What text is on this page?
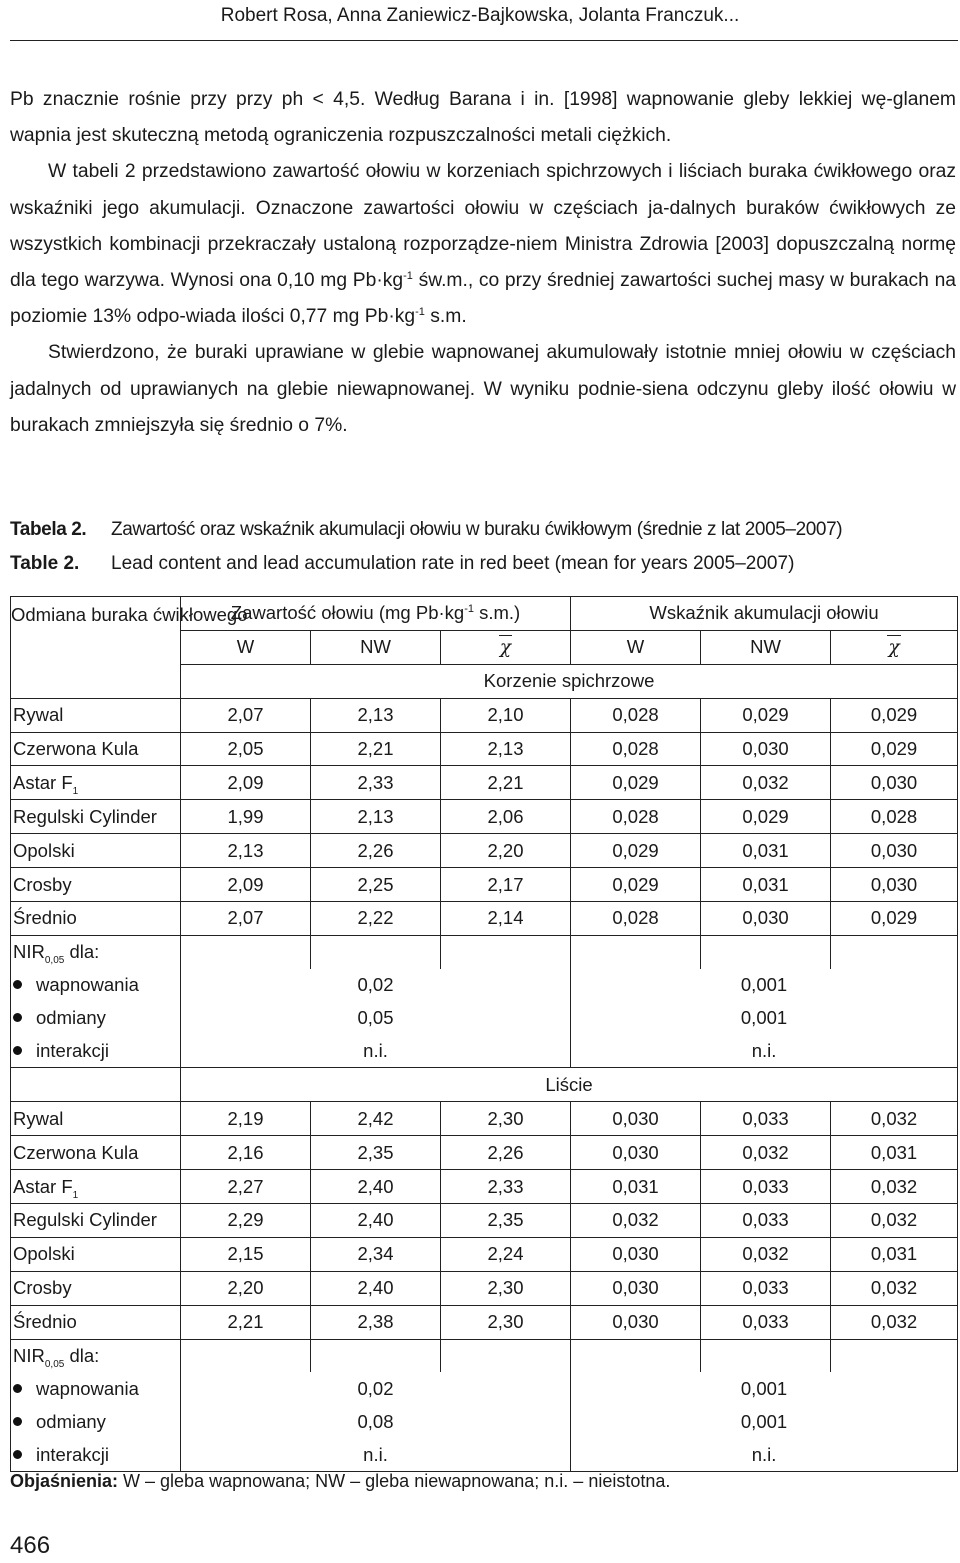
Robert Rosa, Anna Zaniewicz-Bajkowska, Jolanta Franczuk...

Pb znacznie rośnie przy przy ph < 4,5. Według Barana i in. [1998] wapnowanie gleby lekkiej wę-glanem wapnia jest skuteczną metodą ograniczenia rozpuszczalności metali ciężkich.

W tabeli 2 przedstawiono zawartość ołowiu w korzeniach spichrzowych i liściach buraka ćwikłowego oraz wskaźniki jego akumulacji. Oznaczone zawartości ołowiu w częściach ja-dalnych buraków ćwikłowych ze wszystkich kombinacji przekraczały ustaloną rozporządze-niem Ministra Zdrowia [2003] dopuszczalną normę dla tego warzywa. Wynosi ona 0,10 mg $Pb\cdot kg^{-1}$ św.m., co przy średniej zawartości suchej masy w burakach na poziomie 13% odpo-wiada ilości 0,77 mg $Pb\cdot kg^{-1}$ s.m.

Stwierdzono, że buraki uprawiane w glebie wapnowanej akumulowały istotnie mniej ołowiu w częściach jadalnych od uprawianych na glebie niewapnowanej. W wyniku podnie-siena odczynu gleby ilość ołowiu w burakach zmniejszyła się średnio o 7%.

Tabela 2. Zawartość oraz wskaźnik akumulacji ołowiu w buraku ćwikłowym (średnie z lat 2005–2007)
Table 2. Lead content and lead accumulation rate in red beet (mean for years 2005–2007)
Odmiana buraka ćwikłowego	Zawartość ołowiu (mg $Pb\cdot kg^{-1}$ s.m.)			Wskaźnik akumulacji ołowiu		
	W	NW	χ	W	NW	χ
	Korzenie spichrzowe					
Rywal	2,07	2,13	2,10	0,028	0,029	0,029
Czerwona Kula	2,05	2,21	2,13	0,028	0,030	0,029
Astar $F_1$	2,09	2,33	2,21	0,029	0,032	0,030
Regulski Cylinder	1,99	2,13	2,06	0,028	0,029	0,028
Opolski	2,13	2,26	2,20	0,029	0,031	0,030
Crosby	2,09	2,25	2,17	0,029	0,031	0,030
Średnio	2,07	2,22	2,14	0,028	0,030	0,029
$NIR_{0,05}$ dla:						
wapnowania	0,02			0,001		
odmiany	0,05			0,001		
interakcji	n.i.			n.i.		
	Liście					
Rywal	2,19	2,42	2,30	0,030	0,033	0,032
Czerwona Kula	2,16	2,35	2,26	0,030	0,032	0,031
Astar $F_1$	2,27	2,40	2,33	0,031	0,033	0,032
Regulski Cylinder	2,29	2,40	2,35	0,032	0,033	0,032
Opolski	2,15	2,34	2,24	0,030	0,032	0,031
Crosby	2,20	2,40	2,30	0,030	0,033	0,032
Średnio	2,21	2,38	2,30	0,030	0,033	0,032
$NIR_{0,05}$ dla:						
wapnowania	0,02			0,001		
odmiany	0,08			0,001		
interakcji	n.i.			n.i.		
Objaśnienia: W – gleba wapnowana; NW – gleba niewapnowana; n.i. – nieistotna.
466
